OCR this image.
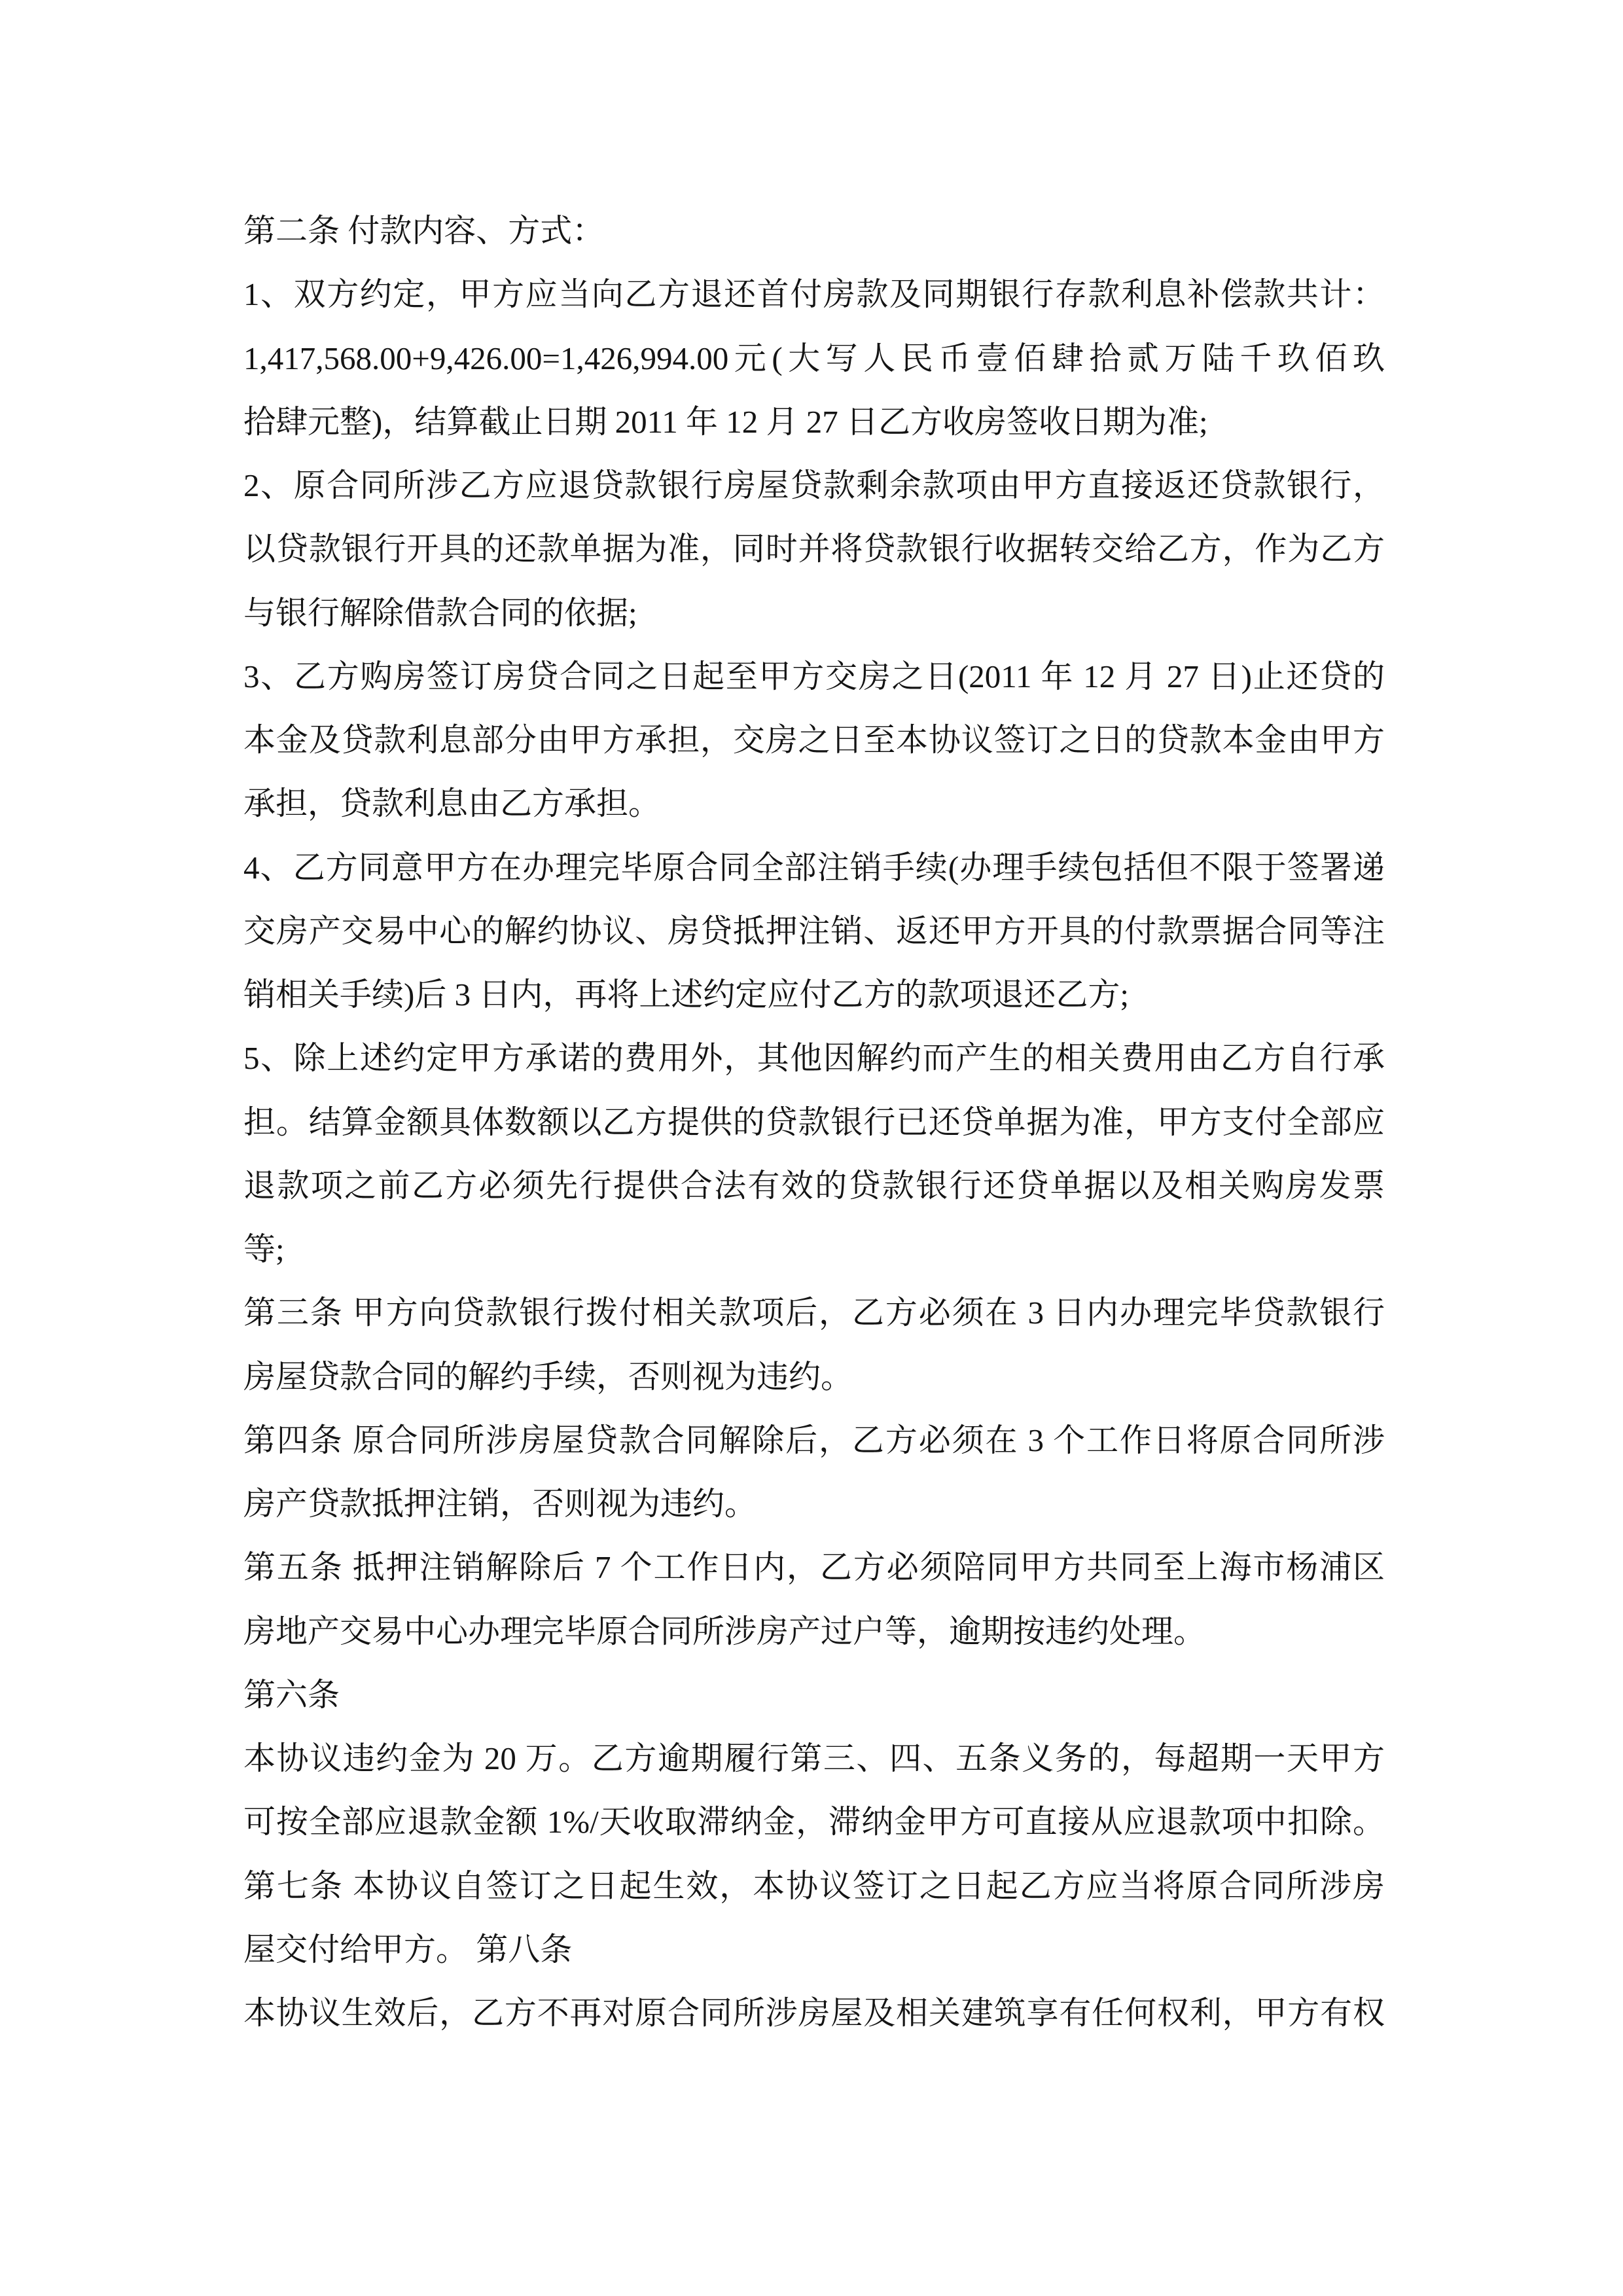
第二条 付款内容、方式：
1、双方约定，甲方应当向乙方退还首付房款及同期银行存款利息补偿款共计：
1,417,568.00+9,426.00=1,426,994.00元(大写人民币壹佰肆拾贰万陆千玖佰玖
拾肆元整)，结算截止日期 2011 年 12 月 27 日乙方收房签收日期为准;
2、原合同所涉乙方应退贷款银行房屋贷款剩余款项由甲方直接返还贷款银行，
以贷款银行开具的还款单据为准，同时并将贷款银行收据转交给乙方，作为乙方
与银行解除借款合同的依据;
3、乙方购房签订房贷合同之日起至甲方交房之日(2011 年 12 月 27 日)止还贷的
本金及贷款利息部分由甲方承担，交房之日至本协议签订之日的贷款本金由甲方
承担，贷款利息由乙方承担。
4、乙方同意甲方在办理完毕原合同全部注销手续(办理手续包括但不限于签署递
交房产交易中心的解约协议、房贷抵押注销、返还甲方开具的付款票据合同等注
销相关手续)后 3 日内，再将上述约定应付乙方的款项退还乙方;
5、除上述约定甲方承诺的费用外，其他因解约而产生的相关费用由乙方自行承
担。结算金额具体数额以乙方提供的贷款银行已还贷单据为准，甲方支付全部应
退款项之前乙方必须先行提供合法有效的贷款银行还贷单据以及相关购房发票
等;
第三条 甲方向贷款银行拨付相关款项后，乙方必须在 3 日内办理完毕贷款银行
房屋贷款合同的解约手续，否则视为违约。
第四条 原合同所涉房屋贷款合同解除后，乙方必须在 3 个工作日将原合同所涉
房产贷款抵押注销，否则视为违约。
第五条 抵押注销解除后 7 个工作日内，乙方必须陪同甲方共同至上海市杨浦区
房地产交易中心办理完毕原合同所涉房产过户等，逾期按违约处理。
第六条
本协议违约金为 20 万。乙方逾期履行第三、四、五条义务的，每超期一天甲方
可按全部应退款金额 1%/天收取滞纳金，滞纳金甲方可直接从应退款项中扣除。
第七条 本协议自签订之日起生效，本协议签订之日起乙方应当将原合同所涉房
屋交付给甲方。 第八条
本协议生效后，乙方不再对原合同所涉房屋及相关建筑享有任何权利，甲方有权
